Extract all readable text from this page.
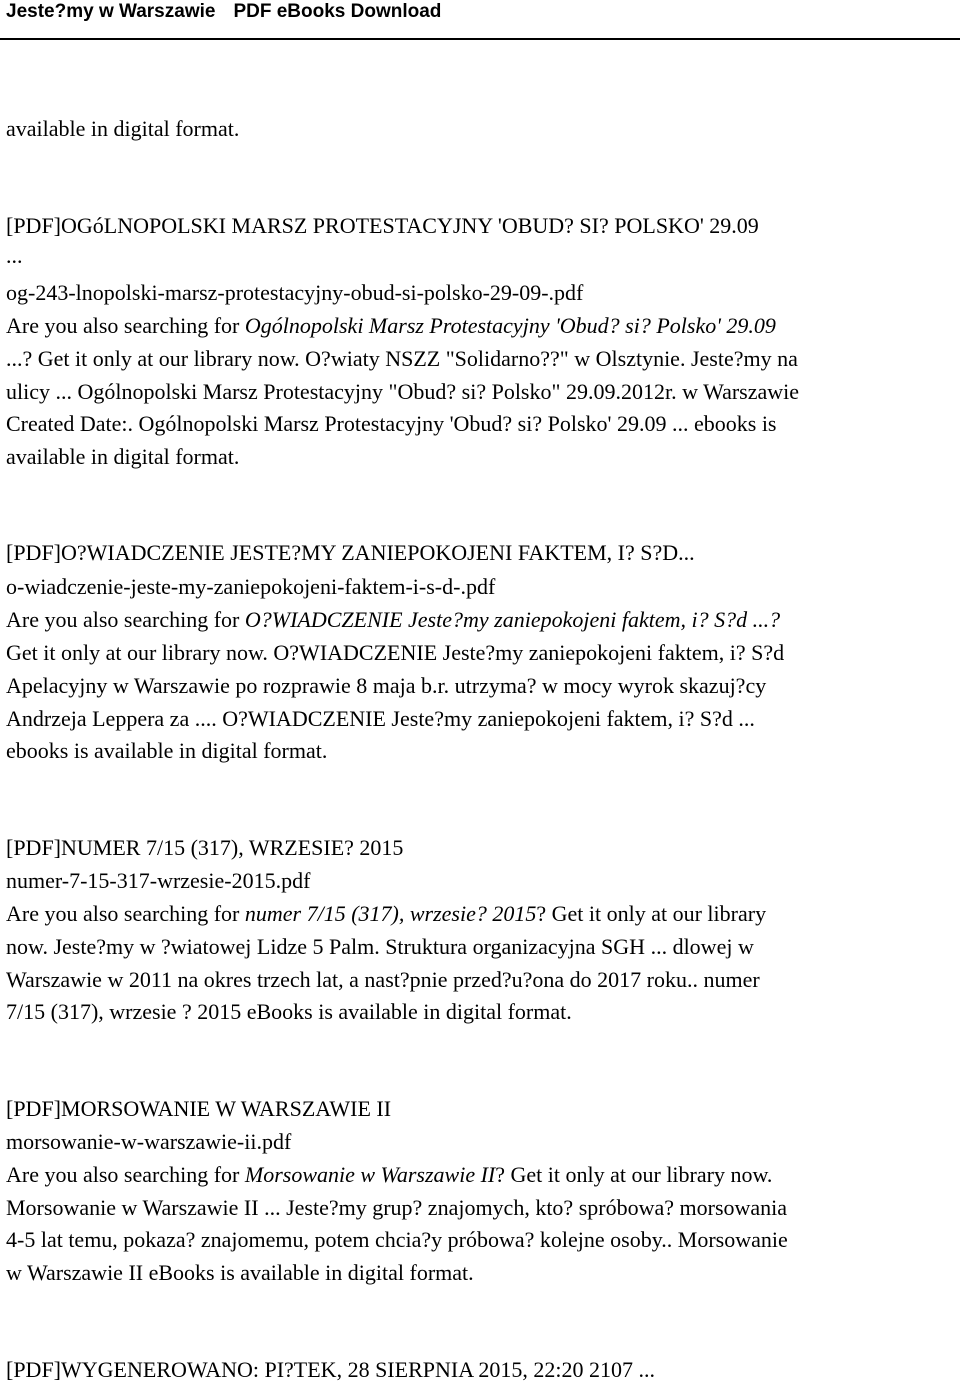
Jeste?my w Warszawie PDF eBooks Download
available in digital format.
[PDF]OGóLNOPOLSKI MARSZ PROTESTACYJNY 'OBUD? SI? POLSKO' 29.09
...
og-243-lnopolski-marsz-protestacyjny-obud-si-polsko-29-09-.pdf
Are you also searching for Ogólnopolski Marsz Protestacyjny 'Obud? si? Polsko' 29.09
...? Get it only at our library now. O?wiaty NSZZ "Solidarno??" w Olsztynie. Jeste?my na
ulicy ... Ogólnopolski Marsz Protestacyjny "Obud? si? Polsko" 29.09.2012r. w Warszawie
Created Date:. Ogólnopolski Marsz Protestacyjny 'Obud? si? Polsko' 29.09 ... ebooks is
available in digital format.
[PDF]O?WIADCZENIE JESTE?MY ZANIEPOKOJENI FAKTEM, I? S?D...
o-wiadczenie-jeste-my-zaniepokojeni-faktem-i-s-d-.pdf
Are you also searching for O?WIADCZENIE Jeste?my zaniepokojeni faktem, i? S?d ...?
Get it only at our library now. O?WIADCZENIE Jeste?my zaniepokojeni faktem, i? S?d
Apelacyjny w Warszawie po rozprawie 8 maja b.r. utrzyma? w mocy wyrok skazuj?cy
Andrzeja Leppera za .... O?WIADCZENIE Jeste?my zaniepokojeni faktem, i? S?d ...
ebooks is available in digital format.
[PDF]NUMER 7/15 (317), WRZESIE? 2015
numer-7-15-317-wrzesie-2015.pdf
Are you also searching for numer 7/15 (317), wrzesie? 2015? Get it only at our library
now. Jeste?my w ?wiatowej Lidze 5 Palm. Struktura organizacyjna SGH ... dlowej w
Warszawie w 2011 na okres trzech lat, a nast?pnie przed?u?ona do 2017 roku.. numer
7/15 (317), wrzesie ? 2015 eBooks is available in digital format.
[PDF]MORSOWANIE W WARSZAWIE II
morsowanie-w-warszawie-ii.pdf
Are you also searching for Morsowanie w Warszawie II? Get it only at our library now.
Morsowanie w Warszawie II ... Jeste?my grup? znajomych, kto? spróbowa? morsowania
4-5 lat temu, pokaza? znajomemu, potem chcia?y próbowa? kolejne osoby.. Morsowanie
w Warszawie II eBooks is available in digital format.
[PDF]WYGENEROWANO: PI?TEK, 28 SIERPNIA 2015, 22:20 2107 ...
